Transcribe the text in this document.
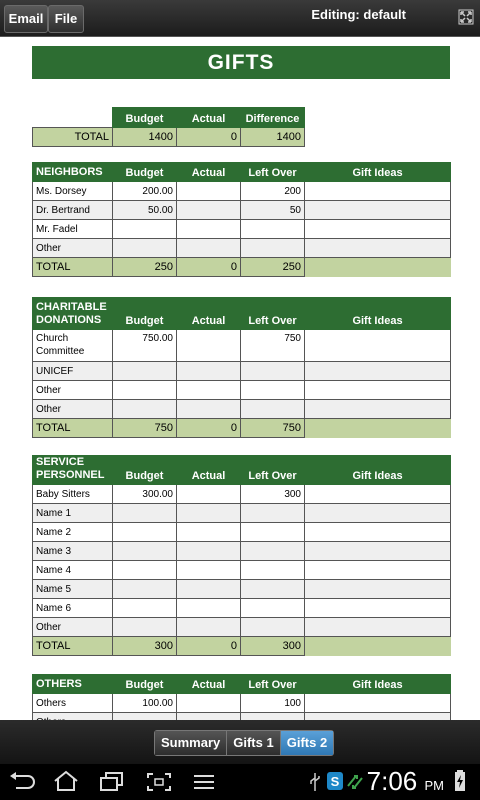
Email File	Editing: default
GIFTS
	Budget	Actual	Difference
TOTAL	1400	0	1400
NEIGHBORS	Budget	Actual	Left Over	Gift Ideas
Ms. Dorsey	200.00		200	
Dr. Bertrand	50.00		50	
Mr. Fadel				
Other				
TOTAL	250	0	250	
CHARITABLE DONATIONS	Budget	Actual	Left Over	Gift Ideas
Church Committee	750.00		750	
UNICEF				
Other				
Other				
TOTAL	750	0	750	
SERVICE PERSONNEL	Budget	Actual	Left Over	Gift Ideas
Baby Sitters	300.00		300	
Name 1				
Name 2				
Name 3				
Name 4				
Name 5				
Name 6				
Other				
TOTAL	300	0	300	
OTHERS	Budget	Actual	Left Over	Gift Ideas
Others	100.00		100	

Summary	Gifts 1	Gifts 2
S 7:06 PM
